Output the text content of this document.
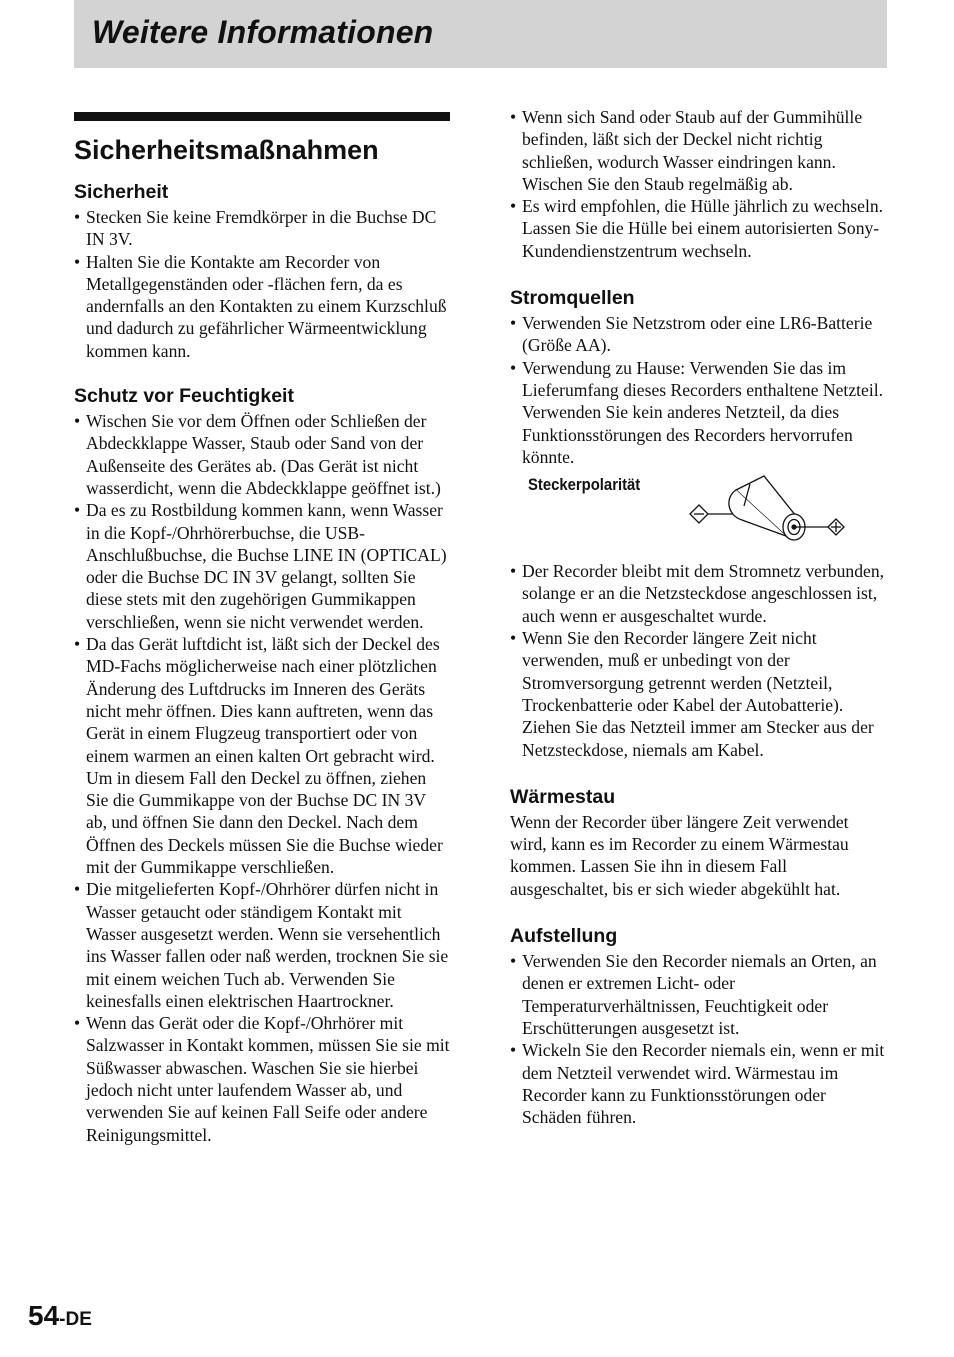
Weitere Informationen
Sicherheitsmaßnahmen
Sicherheit
• Stecken Sie keine Fremdkörper in die Buchse DC IN 3V.
• Halten Sie die Kontakte am Recorder von Metallgegenständen oder -flächen fern, da es andernfalls an den Kontakten zu einem Kurzschluß und dadurch zu gefährlicher Wärmeentwicklung kommen kann.
Schutz vor Feuchtigkeit
• Wischen Sie vor dem Öffnen oder Schließen der Abdeckklappe Wasser, Staub oder Sand von der Außenseite des Gerätes ab. (Das Gerät ist nicht wasserdicht, wenn die Abdeckklappe geöffnet ist.)
• Da es zu Rostbildung kommen kann, wenn Wasser in die Kopf-/Ohrhörerbuchse, die USB-Anschlußbuchse, die Buchse LINE IN (OPTICAL) oder die Buchse DC IN 3V gelangt, sollten Sie diese stets mit den zugehörigen Gummikappen verschließen, wenn sie nicht verwendet werden.
• Da das Gerät luftdicht ist, läßt sich der Deckel des MD-Fachs möglicherweise nach einer plötzlichen Änderung des Luftdrucks im Inneren des Geräts nicht mehr öffnen. Dies kann auftreten, wenn das Gerät in einem Flugzeug transportiert oder von einem warmen an einen kalten Ort gebracht wird. Um in diesem Fall den Deckel zu öffnen, ziehen Sie die Gummikappe von der Buchse DC IN 3V ab, und öffnen Sie dann den Deckel. Nach dem Öffnen des Deckels müssen Sie die Buchse wieder mit der Gummikappe verschließen.
• Die mitgelieferten Kopf-/Ohrhörer dürfen nicht in Wasser getaucht oder ständigem Kontakt mit Wasser ausgesetzt werden. Wenn sie versehentlich ins Wasser fallen oder naß werden, trocknen Sie sie mit einem weichen Tuch ab. Verwenden Sie keinesfalls einen elektrischen Haartrockner.
• Wenn das Gerät oder die Kopf-/Ohrhörer mit Salzwasser in Kontakt kommen, müssen Sie sie mit Süßwasser abwaschen. Waschen Sie sie hierbei jedoch nicht unter laufendem Wasser ab, und verwenden Sie auf keinen Fall Seife oder andere Reinigungsmittel.
• Wenn sich Sand oder Staub auf der Gummihülle befinden, läßt sich der Deckel nicht richtig schließen, wodurch Wasser eindringen kann. Wischen Sie den Staub regelmäßig ab.
• Es wird empfohlen, die Hülle jährlich zu wechseln. Lassen Sie die Hülle bei einem autorisierten Sony-Kundendienstzentrum wechseln.
Stromquellen
• Verwenden Sie Netzstrom oder eine LR6-Batterie (Größe AA).
• Verwendung zu Hause: Verwenden Sie das im Lieferumfang dieses Recorders enthaltene Netzteil. Verwenden Sie kein anderes Netzteil, da dies Funktionsstörungen des Recorders hervorrufen könnte.
Steckerpolarität
• Der Recorder bleibt mit dem Stromnetz verbunden, solange er an die Netzsteckdose angeschlossen ist, auch wenn er ausgeschaltet wurde.
• Wenn Sie den Recorder längere Zeit nicht verwenden, muß er unbedingt von der Stromversorgung getrennt werden (Netzteil, Trockenbatterie oder Kabel der Autobatterie). Ziehen Sie das Netzteil immer am Stecker aus der Netzsteckdose, niemals am Kabel.
Wärmestau

Wenn der Recorder über längere Zeit verwendet wird, kann es im Recorder zu einem Wärmestau kommen. Lassen Sie ihn in diesem Fall ausgeschaltet, bis er sich wieder abgekühlt hat.

Aufstellung
• Verwenden Sie den Recorder niemals an Orten, an denen er extremen Licht- oder Temperaturverhältnissen, Feuchtigkeit oder Erschütterungen ausgesetzt ist.
• Wickeln Sie den Recorder niemals ein, wenn er mit dem Netzteil verwendet wird. Wärmestau im Recorder kann zu Funktionsstörungen oder Schäden führen.
54-DE
